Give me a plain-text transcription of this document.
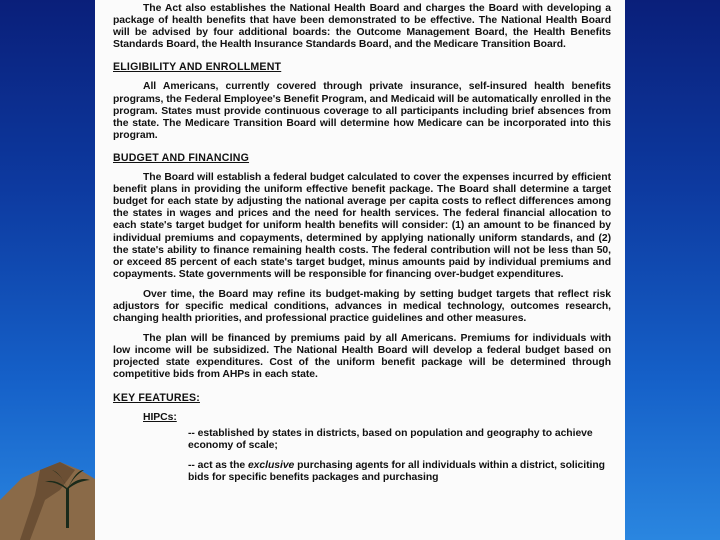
The Act also establishes the National Health Board and charges the Board with developing a package of health benefits that have been demonstrated to be effective. The National Health Board will be advised by four additional boards: the Outcome Management Board, the Health Benefits Standards Board, the Health Insurance Standards Board, and the Medicare Transition Board.

ELIGIBILITY AND ENROLLMENT

All Americans, currently covered through private insurance, self-insured health benefits programs, the Federal Employee's Benefit Program, and Medicaid will be automatically enrolled in the program. States must provide continuous coverage to all participants including brief absences from the state. The Medicare Transition Board will determine how Medicare can be incorporated into this program.

BUDGET AND FINANCING

The Board will establish a federal budget calculated to cover the expenses incurred by efficient benefit plans in providing the uniform effective benefit package. The Board shall determine a target budget for each state by adjusting the national average per capita costs to reflect differences among the states in wages and prices and the need for health services. The federal financial allocation to each state's target budget for uniform health benefits will consider: (1) an amount to be financed by individual premiums and copayments, determined by applying nationally uniform standards, and (2) the state's ability to finance remaining health costs. The federal contribution will not be less than 50, or exceed 85 percent of each state's target budget, minus amounts paid by individual premiums and copayments. State governments will be responsible for financing over-budget expenditures.

Over time, the Board may refine its budget-making by setting budget targets that reflect risk adjustors for specific medical conditions, advances in medical technology, outcomes research, changing health priorities, and professional practice guidelines and other measures.

The plan will be financed by premiums paid by all Americans. Premiums for individuals with low income will be subsidized. The National Health Board will develop a federal budget based on projected state expenditures. Cost of the uniform benefit package will be determined through competitive bids from AHPs in each state.

KEY FEATURES:
HIPCs:

-- established by states in districts, based on population and geography to achieve economy of scale;

-- act as the exclusive purchasing agents for all individuals within a district, soliciting bids for specific benefits packages and purchasing
